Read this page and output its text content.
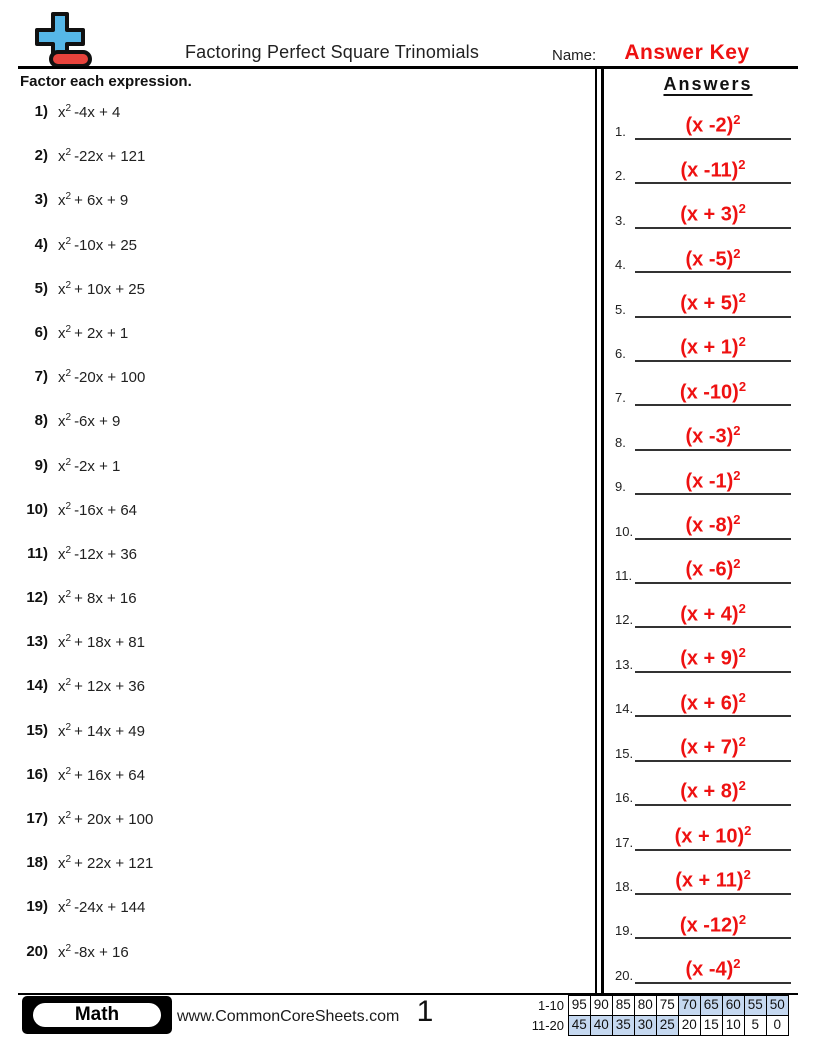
Factoring Perfect Square Trinomials	Name:	Answer Key
Factor each expression.
1) $x^2$ -4x + 4
2) $x^2$ -22x + 121
3) $x^2 + 6x + 9$
4) $x^2$ -10x + 25
5) $x^2 + 10x + 25$
6) $x^2 + 2x + 1$
7) $x^2$ -20x + 100
8) $x^2$ -6x + 9
9) $x^2$ -2x + 1
10) $x^2$ -16x + 64
11) $x^2$ -12x + 36
12) $x^2 + 8x + 16$
13) $x^2 + 18x + 81$
14) $x^2 + 12x + 36$
15) $x^2 + 14x + 49$
16) $x^2 + 16x + 64$
17) $x^2 + 20x + 100$
18) $x^2 + 22x + 121$
19) $x^2$ -24x + 144
20) $x^2$ -8x + 16
Answers
1.	(x -2)$^2$
2.	(x -11)$^2$
3.	$(x + 3)^2$
4.	(x -5)$^2$
5.	$(x + 5)^2$
6.	$(x + 1)^2$
7.	(x -10)$^2$
8.	(x -3)$^2$
9.	(x -1)$^2$
10.	(x -8)$^2$
11.	(x -6)$^2$
12.	$(x + 4)^2$
13.	$(x + 9)^2$
14.	$(x + 6)^2$
15.	$(x + 7)^2$
16.	$(x + 8)^2$
17.	$(x + 10)^2$
18.	$(x + 11)^2$
19.	(x -12)$^2$
20.	(x -4)$^2$
Math	www.CommonCoreSheets.com 1	1-10 95 90 85 80 75 70 65 60 55 50
11-20 45 40 35 30 25 20 15 10 5	0
